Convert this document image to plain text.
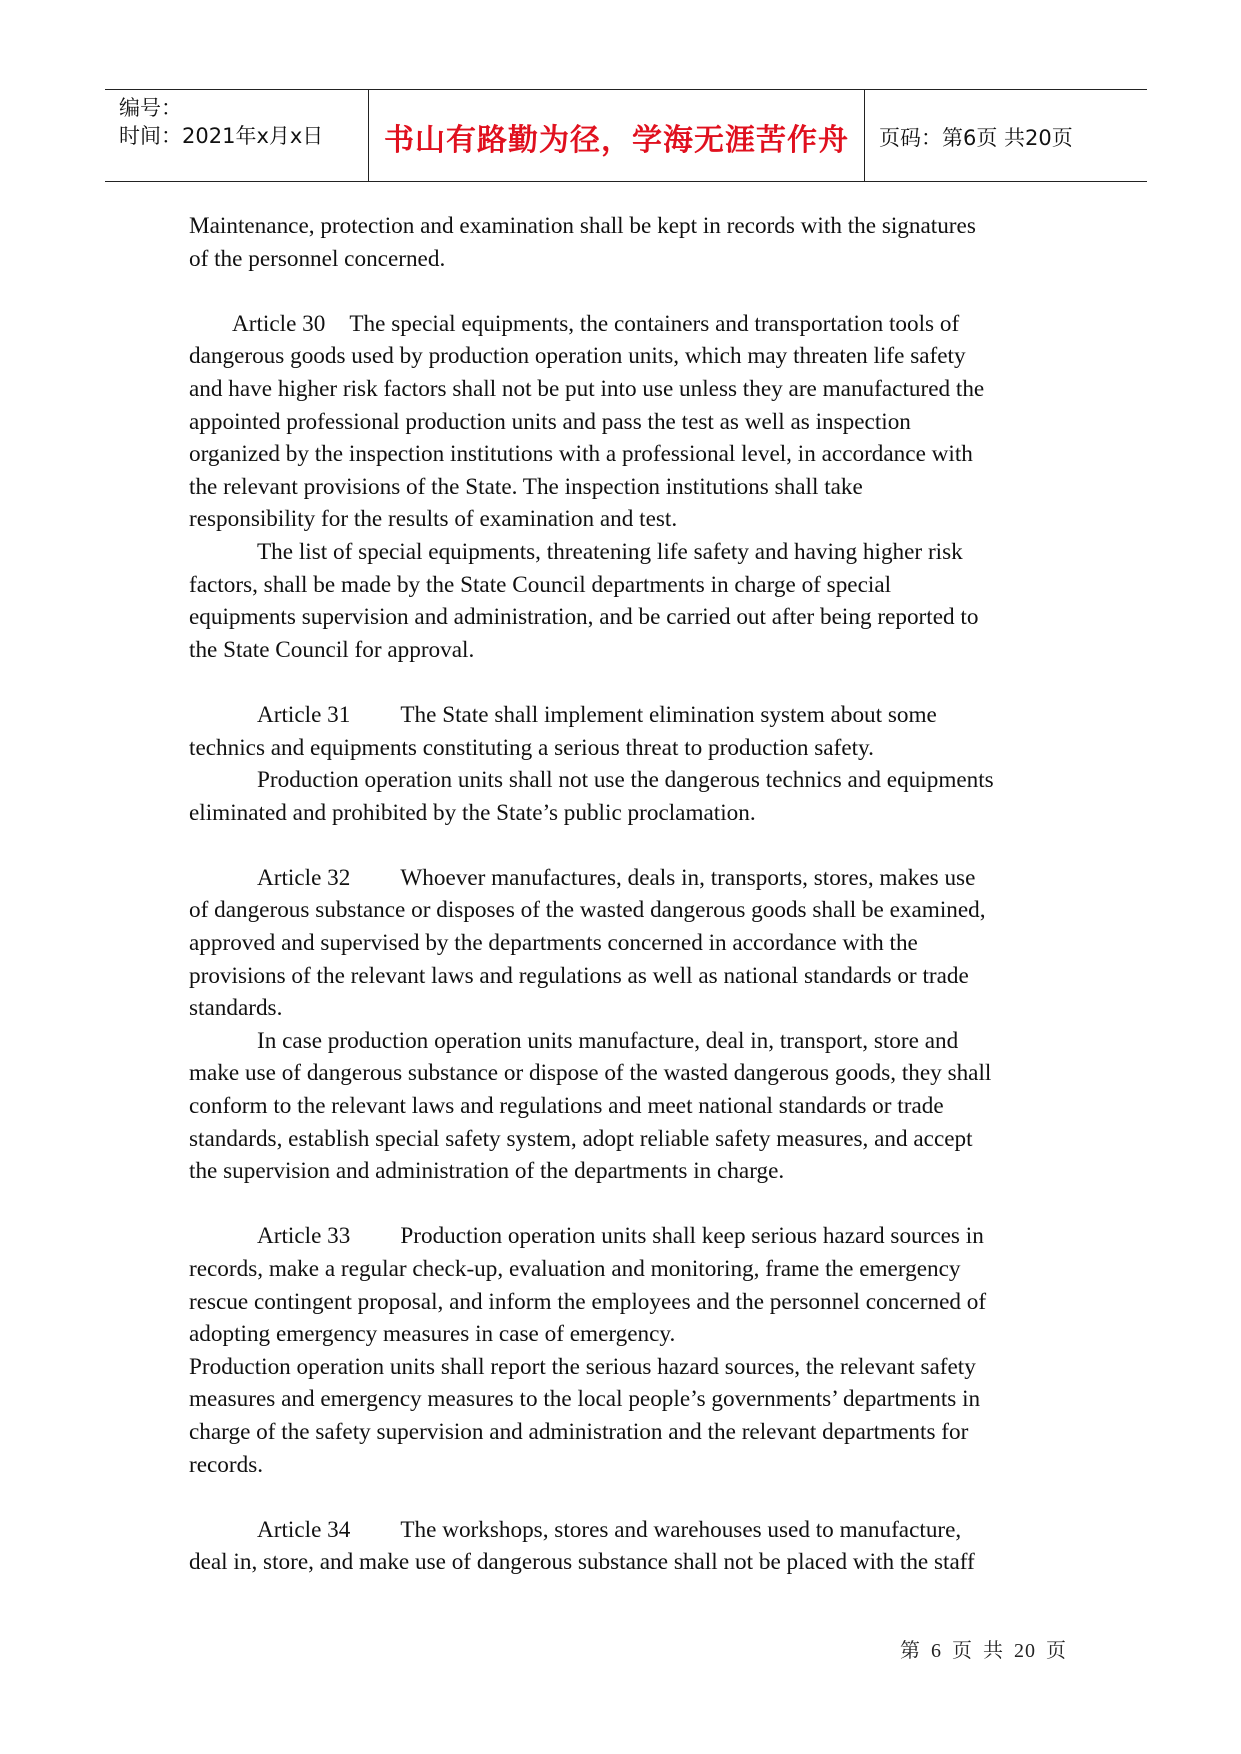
编号：
时间：2021年x月x日 书山有路勤为径，学海无涯苦作舟 页码：第6页 共20页

Maintenance, protection and examination shall be kept in records with the signatures

of the personnel concerned.

Article 30 The special equipments, the containers and transportation tools of

dangerous goods used by production operation units, which may threaten life safety

and have higher risk factors shall not be put into use unless they are manufactured the

appointed professional production units and pass the test as well as inspection

organized by the inspection institutions with a professional level, in accordance with

the relevant provisions of the State. The inspection institutions shall take

responsibility for the results of examination and test.

The list of special equipments, threatening life safety and having higher risk

factors, shall be made by the State Council departments in charge of special

equipments supervision and administration, and be carried out after being reported to

the State Council for approval.

Article 31 The State shall implement elimination system about some

technics and equipments constituting a serious threat to production safety.

Production operation units shall not use the dangerous technics and equipments

eliminated and prohibited by the State’s public proclamation.

Article 32 Whoever manufactures, deals in, transports, stores, makes use

of dangerous substance or disposes of the wasted dangerous goods shall be examined,

approved and supervised by the departments concerned in accordance with the

provisions of the relevant laws and regulations as well as national standards or trade

standards.

In case production operation units manufacture, deal in, transport, store and

make use of dangerous substance or dispose of the wasted dangerous goods, they shall

conform to the relevant laws and regulations and meet national standards or trade

standards, establish special safety system, adopt reliable safety measures, and accept

the supervision and administration of the departments in charge.

Article 33 Production operation units shall keep serious hazard sources in

records, make a regular check-up, evaluation and monitoring, frame the emergency

rescue contingent proposal, and inform the employees and the personnel concerned of

adopting emergency measures in case of emergency.

Production operation units shall report the serious hazard sources, the relevant safety

measures and emergency measures to the local people’s governments’ departments in

charge of the safety supervision and administration and the relevant departments for

records.

Article 34 The workshops, stores and warehouses used to manufacture,

deal in, store, and make use of dangerous substance shall not be placed with the staff

第 6 页 共 20 页
